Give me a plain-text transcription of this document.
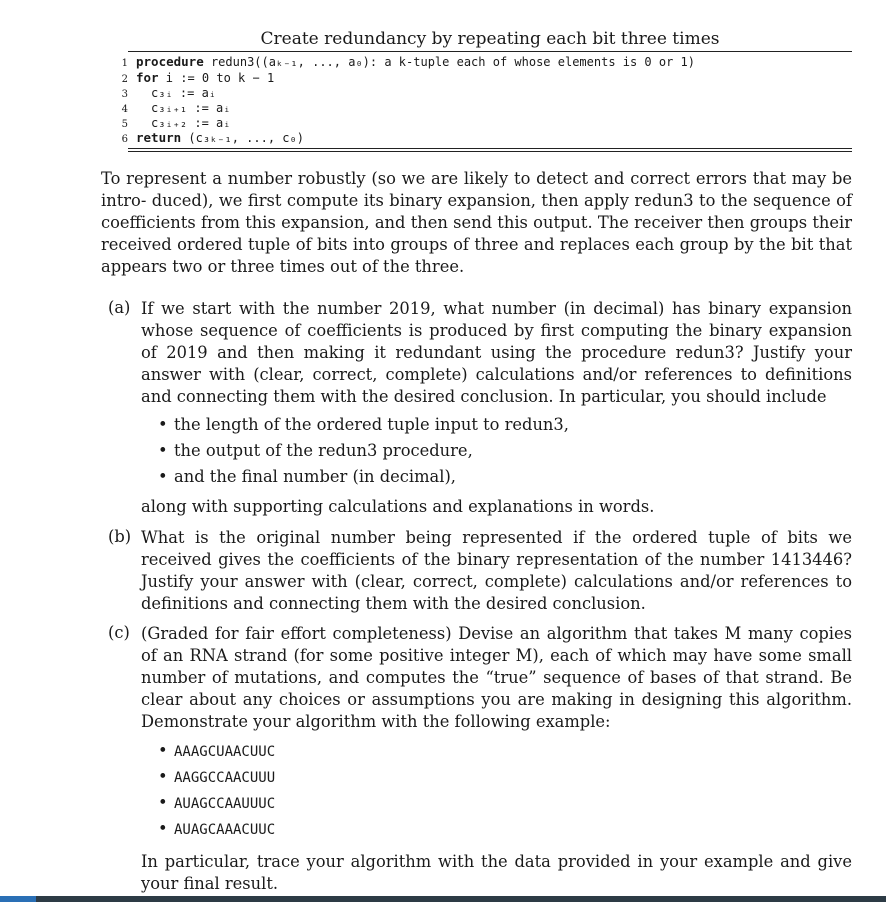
Create redundancy by repeating each bit three times
1 procedure redun3((aₖ₋₁, ..., a₀): a k-tuple each of whose elements is 0 or 1)
2 for i := 0 to k − 1
3 c₃ᵢ := aᵢ
4 c₃ᵢ₊₁ := aᵢ
5 c₃ᵢ₊₂ := aᵢ
6 return (c₃ₖ₋₁, ..., c₀)
To represent a number robustly (so we are likely to detect and correct errors that may be intro- duced), we first compute its binary expansion, then apply redun3 to the sequence of coefficients from this expansion, and then send this output. The receiver then groups their received ordered tuple of bits into groups of three and replaces each group by the bit that appears two or three times out of the three.
(a) If we start with the number 2019, what number (in decimal) has binary expansion whose sequence of coefficients is produced by first computing the binary expansion of 2019 and then making it redundant using the procedure redun3? Justify your answer with (clear, correct, complete) calculations and/or references to definitions and connecting them with the desired conclusion. In particular, you should include
• the length of the ordered tuple input to redun3,
• the output of the redun3 procedure,
• and the final number (in decimal),
along with supporting calculations and explanations in words.
(b) What is the original number being represented if the ordered tuple of bits we received gives the coefficients of the binary representation of the number 1413446? Justify your answer with (clear, correct, complete) calculations and/or references to definitions and connecting them with the desired conclusion.
(c) (Graded for fair effort completeness) Devise an algorithm that takes M many copies of an RNA strand (for some positive integer M), each of which may have some small number of mutations, and computes the “true” sequence of bases of that strand. Be clear about any choices or assumptions you are making in designing this algorithm. Demonstrate your algorithm with the following example:
• AAAGCUAACUUC
• AAGGCCAACUUU
• AUAGCCAAUUUC
• AUAGCAAACUUC
In particular, trace your algorithm with the data provided in your example and give your final result.
